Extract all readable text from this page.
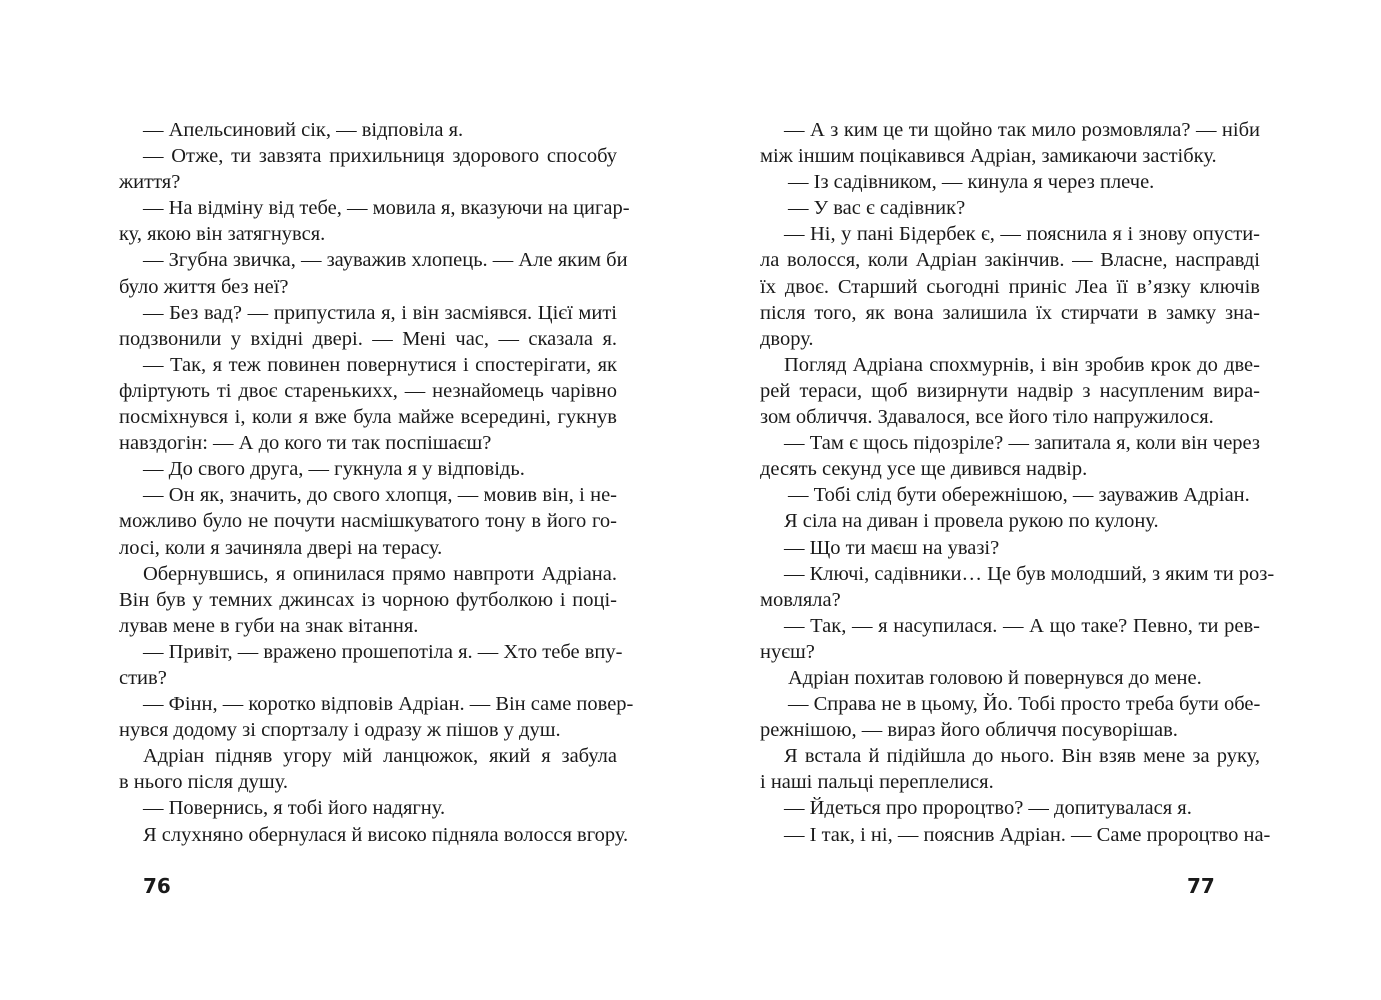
— Апельсиновий сік, — відповіла я.
— Отже, ти завзята прихильниця здорового способу
життя?
— На відміну від тебе, — мовила я, вказуючи на цигар-
ку, якою він затягнувся.
— Згубна звичка, — зауважив хлопець. — Але яким би
було життя без неї?
— Без вад? — припустила я, і він засміявся. Цієї миті
подзвонили у вхідні двері. — Мені час, — сказала я.
— Так, я теж повинен повернутися і спостерігати, як
фліртують ті двоє старенькихх, — незнайомець чарівно
посміхнувся і, коли я вже була майже всередині, гукнув
навздогін: — А до кого ти так поспішаєш?
— До свого друга, — гукнула я у відповідь.
— Он як, значить, до свого хлопця, — мовив він, і не-
можливо було не почути насмішкуватого тону в його го-
лосі, коли я зачиняла двері на терасу.
Обернувшись, я опинилася прямо навпроти Адріана.
Він був у темних джинсах із чорною футболкою і поці-
лував мене в губи на знак вітання.
— Привіт, — вражено прошепотіла я. — Хто тебе впу-
стив?
— Фінн, — коротко відповів Адріан. — Він саме повер-
нувся додому зі спортзалу і одразу ж пішов у душ.
Адріан підняв угору мій ланцюжок, який я забула
в нього після душу.
— Повернись, я тобі його надягну.
Я слухняно обернулася й високо підняла волосся вгору.
76
— А з ким це ти щойно так мило розмовляла? — ніби
між іншим поцікавився Адріан, замикаючи застібку.
— Із садівником, — кинула я через плече.
— У вас є садівник?
— Ні, у пані Бідербек є, — пояснила я і знову опусти-
ла волосся, коли Адріан закінчив. — Власне, насправді
їх двоє. Старший сьогодні приніс Леа її в’язку ключів
після того, як вона залишила їх стирчати в замку зна-
двору.
Погляд Адріана спохмурнів, і він зробив крок до две-
рей тераси, щоб визирнути надвір з насупленим вира-
зом обличчя. Здавалося, все його тіло напружилося.
— Там є щось підозріле? — запитала я, коли він через
десять секунд усе ще дивився надвір.
— Тобі слід бути обережнішою, — зауважив Адріан.
Я сіла на диван і провела рукою по кулону.
— Що ти маєш на увазі?
— Ключі, садівники… Це був молодший, з яким ти роз-
мовляла?
— Так, — я насупилася. — А що таке? Певно, ти рев-
нуєш?
Адріан похитав головою й повернувся до мене.
— Справа не в цьому, Йо. Тобі просто треба бути обе-
режнішою, — вираз його обличчя посуворішав.
Я встала й підійшла до нього. Він взяв мене за руку,
і наші пальці переплелися.
— Йдеться про пророцтво? — допитувалася я.
— І так, і ні, — пояснив Адріан. — Саме пророцтво на-
77
